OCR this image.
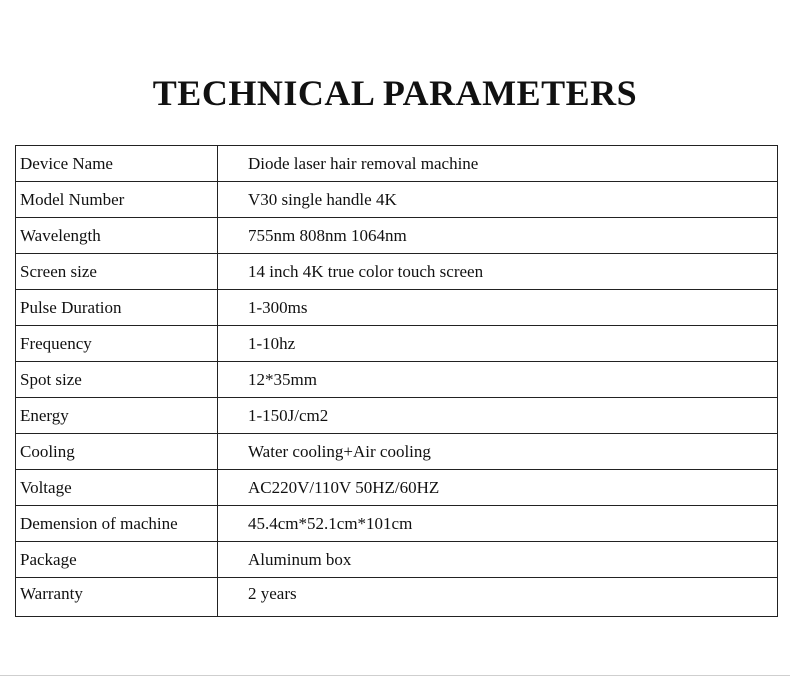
TECHNICAL PARAMETERS
Device Name	Diode laser hair removal machine
Model Number	V30 single handle 4K
Wavelength	755nm 808nm 1064nm
Screen size	14 inch 4K true color touch screen
Pulse Duration	1-300ms
Frequency	1-10hz
Spot size	12*35mm
Energy	1-150J/cm2
Cooling	Water cooling+Air cooling
Voltage	AC220V/110V 50HZ/60HZ
Demension of machine	45.4cm*52.1cm*101cm
Package	Aluminum box
Warranty	2 years
